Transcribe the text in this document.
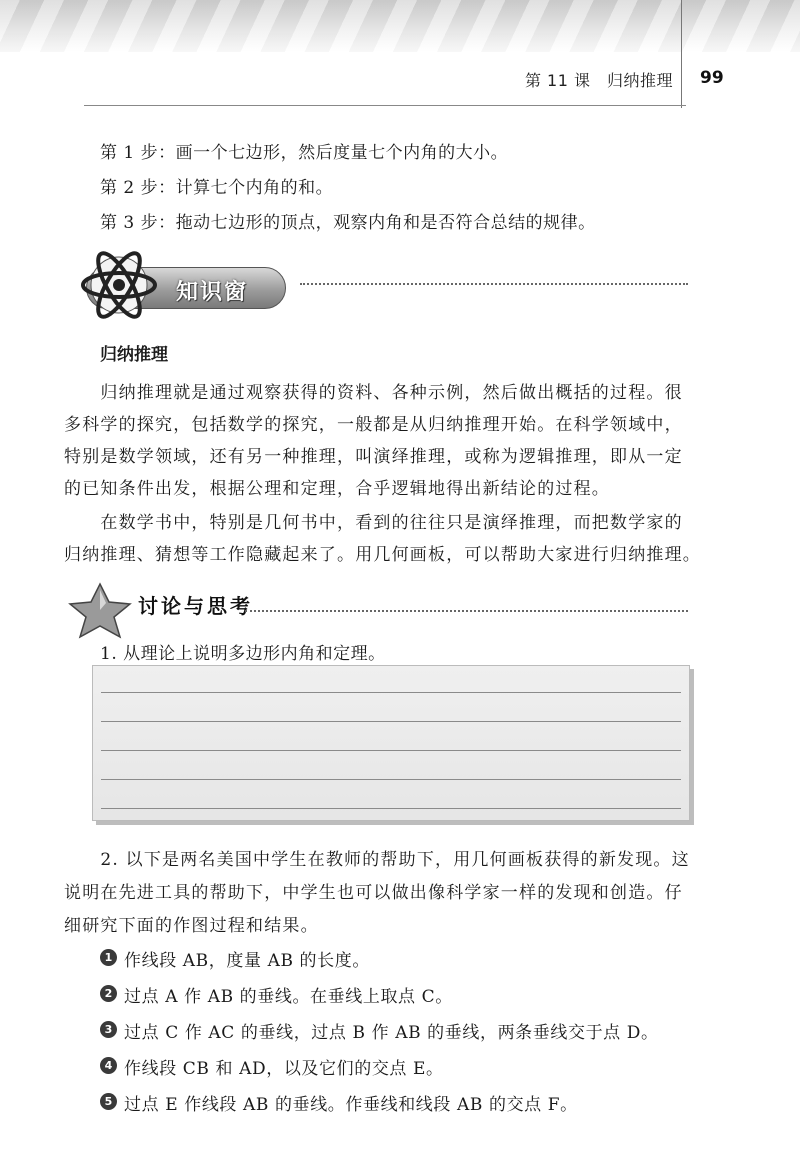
第 11 课　归纳推理 99
第 1 步：画一个七边形，然后度量七个内角的大小。
第 2 步：计算七个内角的和。
第 3 步：拖动七边形的顶点，观察内角和是否符合总结的规律。
知识窗
归纳推理
　　归纳推理就是通过观察获得的资料、各种示例，然后做出概括的过程。很
多科学的探究，包括数学的探究，一般都是从归纳推理开始。在科学领域中，
特别是数学领域，还有另一种推理，叫演绎推理，或称为逻辑推理，即从一定
的已知条件出发，根据公理和定理，合乎逻辑地得出新结论的过程。
　　在数学书中，特别是几何书中，看到的往往只是演绎推理，而把数学家的
归纳推理、猜想等工作隐藏起来了。用几何画板，可以帮助大家进行归纳推理。
讨论与思考
1. 从理论上说明多边形内角和定理。
　　2. 以下是两名美国中学生在教师的帮助下，用几何画板获得的新发现。这
说明在先进工具的帮助下，中学生也可以做出像科学家一样的发现和创造。仔
细研究下面的作图过程和结果。
1 作线段 AB，度量 AB 的长度。
2 过点 A 作 AB 的垂线。在垂线上取点 C。
3 过点 C 作 AC 的垂线，过点 B 作 AB 的垂线，两条垂线交于点 D。
4 作线段 CB 和 AD，以及它们的交点 E。
5 过点 E 作线段 AB 的垂线。作垂线和线段 AB 的交点 F。
